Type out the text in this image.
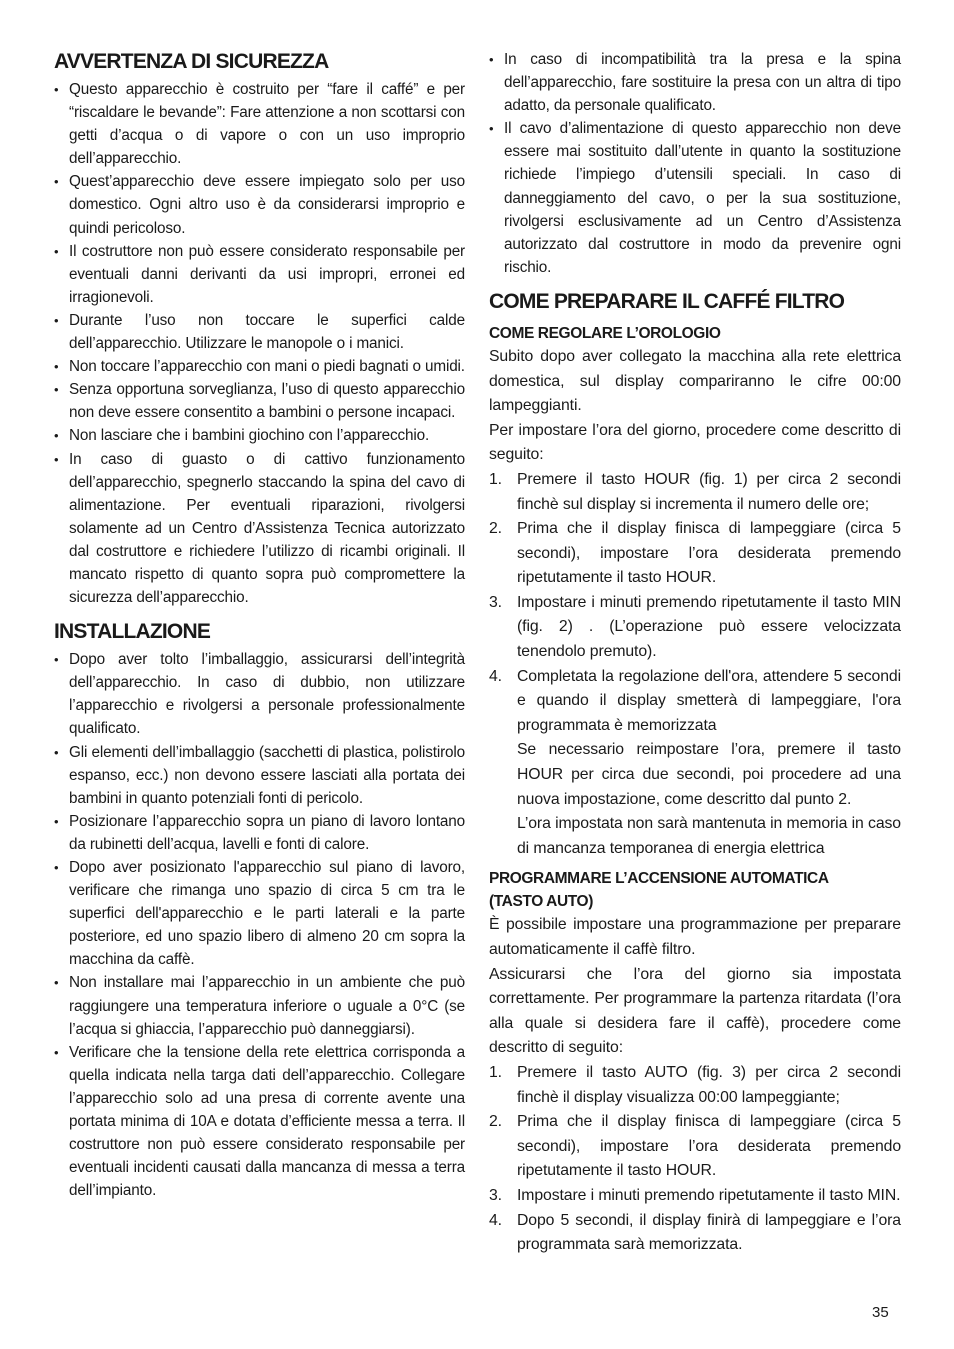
AVVERTENZA DI SICUREZZA
• Questo apparecchio è costruito per “fare il caffé” e per “riscaldare le bevande”: Fare attenzione a non scottarsi con getti d’acqua o di vapore o con un uso improprio dell’apparecchio.
• Quest’apparecchio deve essere impiegato solo per uso domestico. Ogni altro uso è da considerarsi improprio e quindi pericoloso.
• Il costruttore non può essere considerato responsabile per eventuali danni derivanti da usi impropri, erronei ed irragionevoli.
• Durante l’uso non toccare le superfici calde dell’apparecchio. Utilizzare le manopole o i manici.
• Non toccare l’apparecchio con mani o piedi bagnati o umidi.
• Senza opportuna sorveglianza, l’uso di questo apparecchio non deve essere consentito a bambini o persone incapaci.
• Non lasciare che i bambini giochino con l’apparecchio.
• In caso di guasto o di cattivo funzionamento dell’apparecchio, spegnerlo staccando la spina del cavo di alimentazione. Per eventuali riparazioni, rivolgersi solamente ad un Centro d’Assistenza Tecnica autorizzato dal costruttore e richiedere l’utilizzo di ricambi originali. Il mancato rispetto di quanto sopra può compromettere la sicurezza dell’apparecchio.
INSTALLAZIONE
• Dopo aver tolto l’imballaggio, assicurarsi dell’integrità dell’apparecchio. In caso di dubbio, non utilizzare l’apparecchio e rivolgersi a personale professionalmente qualificato.
• Gli elementi dell’imballaggio (sacchetti di plastica, polistirolo espanso, ecc.) non devono essere lasciati alla portata dei bambini in quanto potenziali fonti di pericolo.
• Posizionare l’apparecchio sopra un piano di lavoro lontano da rubinetti dell’acqua, lavelli e fonti di calore.
• Dopo aver posizionato l'apparecchio sul piano di lavoro, verificare che rimanga uno spazio di circa 5 cm tra le superfici dell'apparecchio e le parti laterali e la parte posteriore, ed uno spazio libero di almeno 20 cm sopra la macchina da caffè.
• Non installare mai l’apparecchio in un ambiente che può raggiungere una temperatura inferiore o uguale a 0°C (se l’acqua si ghiaccia, l’apparecchio può danneggiarsi).
• Verificare che la tensione della rete elettrica corrisponda a quella indicata nella targa dati dell’apparecchio. Collegare l’apparecchio solo ad una presa di corrente avente una portata minima di 10A e dotata d’efficiente messa a terra. Il costruttore non può essere considerato responsabile per eventuali incidenti causati dalla mancanza di messa a terra dell’impianto.
• In caso di incompatibilità tra la presa e la spina dell’apparecchio, fare sostituire la presa con un altra di tipo adatto, da personale qualificato.
• Il cavo d’alimentazione di questo apparecchio non deve essere mai sostituito dall’utente in quanto la sostituzione richiede l’impiego d’utensili speciali. In caso di danneggiamento del cavo, o per la sua sostituzione, rivolgersi esclusivamente ad un Centro d’Assistenza autorizzato dal costruttore in modo da prevenire ogni rischio.
COME PREPARARE IL CAFFÉ FILTRO
COME REGOLARE L’OROLOGIO

Subito dopo aver collegato la macchina alla rete elettrica domestica, sul display compariranno le cifre 00:00 lampeggianti.

Per impostare l’ora del giorno, procedere come descritto di seguito:

1. Premere il tasto HOUR (fig. 1) per circa 2 secondi finchè sul display si incrementa il numero delle ore;
2. Prima che il display finisca di lampeggiare (circa 5 secondi), impostare l’ora desiderata premendo ripetutamente il tasto HOUR.
3. Impostare i minuti premendo ripetutamente il tasto MIN (fig. 2) . (L’operazione può essere velocizzata tenendolo premuto).
4. Completata la regolazione dell'ora, attendere 5 secondi e quando il display smetterà di lampeggiare, l'ora programmata è memorizzata
Se necessario reimpostare l’ora, premere il tasto HOUR per circa due secondi, poi procedere ad una nuova impostazione, come descritto dal punto 2.
L’ora impostata non sarà mantenuta in memoria in caso di mancanza temporanea di energia elettrica
PROGRAMMARE L’ACCENSIONE AUTOMATICA
(TASTO AUTO)

È possibile impostare una programmazione per preparare automaticamente il caffè filtro.

Assicurarsi che l’ora del giorno sia impostata correttamente. Per programmare la partenza ritardata (l’ora alla quale si desidera fare il caffè), procedere come descritto di seguito:

1. Premere il tasto AUTO (fig. 3) per circa 2 secondi finchè il display visualizza 00:00 lampeggiante;
2. Prima che il display finisca di lampeggiare (circa 5 secondi), impostare l’ora desiderata premendo ripetutamente il tasto HOUR.
3. Impostare i minuti premendo ripetutamente il tasto MIN.
4. Dopo 5 secondi, il display finirà di lampeggiare e l’ora programmata sarà memorizzata.
35
